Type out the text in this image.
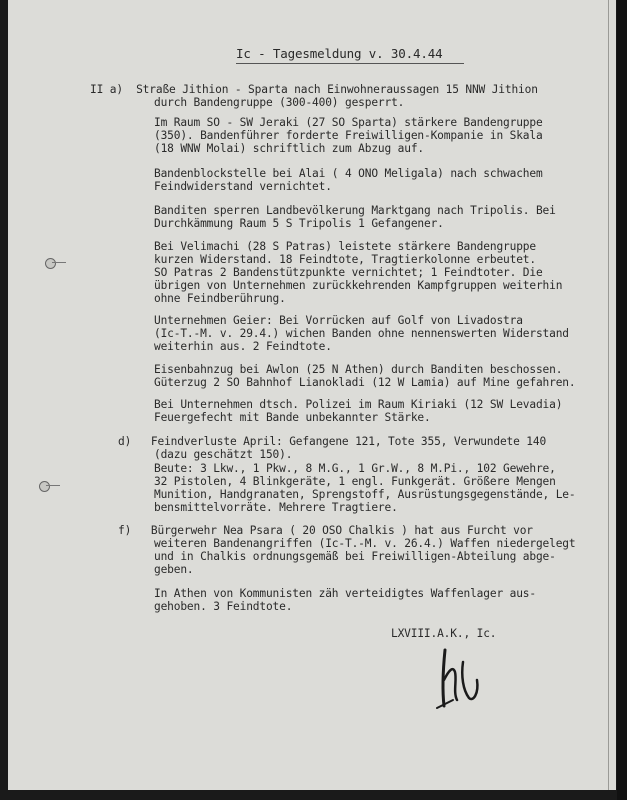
Ic - Tagesmeldung v. 30.4.44
II a)  Straße Jithion - Sparta nach Einwohneraussagen 15 NNW Jithion
durch Bandengruppe (300-400) gesperrt.
Im Raum SO - SW Jeraki (27 SO Sparta) stärkere Bandengruppe
(350). Bandenführer forderte Freiwilligen-Kompanie in Skala
(18 WNW Molai) schriftlich zum Abzug auf.
Bandenblockstelle bei Alai ( 4 ONO Meligala) nach schwachem
Feindwiderstand vernichtet.
Banditen sperren Landbevölkerung Marktgang nach Tripolis. Bei
Durchkämmung Raum 5 S Tripolis 1 Gefangener.
Bei Velimachi (28 S Patras) leistete stärkere Bandengruppe
kurzen Widerstand. 18 Feindtote, Tragtierkolonne erbeutet.
SO Patras 2 Bandenstützpunkte vernichtet; 1 Feindtoter. Die
übrigen von Unternehmen zurückkehrenden Kampfgruppen weiterhin
ohne Feindberührung.
Unternehmen Geier: Bei Vorrücken auf Golf von Livadostra
(Ic-T.-M. v. 29.4.) wichen Banden ohne nennenswerten Widerstand
weiterhin aus. 2 Feindtote.
Eisenbahnzug bei Awlon (25 N Athen) durch Banditen beschossen.
Güterzug 2 SO Bahnhof Lianokladi (12 W Lamia) auf Mine gefahren.
Bei Unternehmen dtsch. Polizei im Raum Kiriaki (12 SW Levadia)
Feuergefecht mit Bande unbekannter Stärke.
d)   Feindverluste April: Gefangene 121, Tote 355, Verwundete 140
(dazu geschätzt 150).
Beute: 3 Lkw., 1 Pkw., 8 M.G., 1 Gr.W., 8 M.Pi., 102 Gewehre,
32 Pistolen, 4 Blinkgeräte, 1 engl. Funkgerät. Größere Mengen
Munition, Handgranaten, Sprengstoff, Ausrüstungsgegenstände, Le-
bensmittelvorräte. Mehrere Tragtiere.
f)   Bürgerwehr Nea Psara ( 20 OSO Chalkis ) hat aus Furcht vor
weiteren Bandenangriffen (Ic-T.-M. v. 26.4.) Waffen niedergelegt
und in Chalkis ordnungsgemäß bei Freiwilligen-Abteilung abge-
geben.
In Athen von Kommunisten zäh verteidigtes Waffenlager aus-
gehoben. 3 Feindtote.
LXVIII.A.K., Ic.
